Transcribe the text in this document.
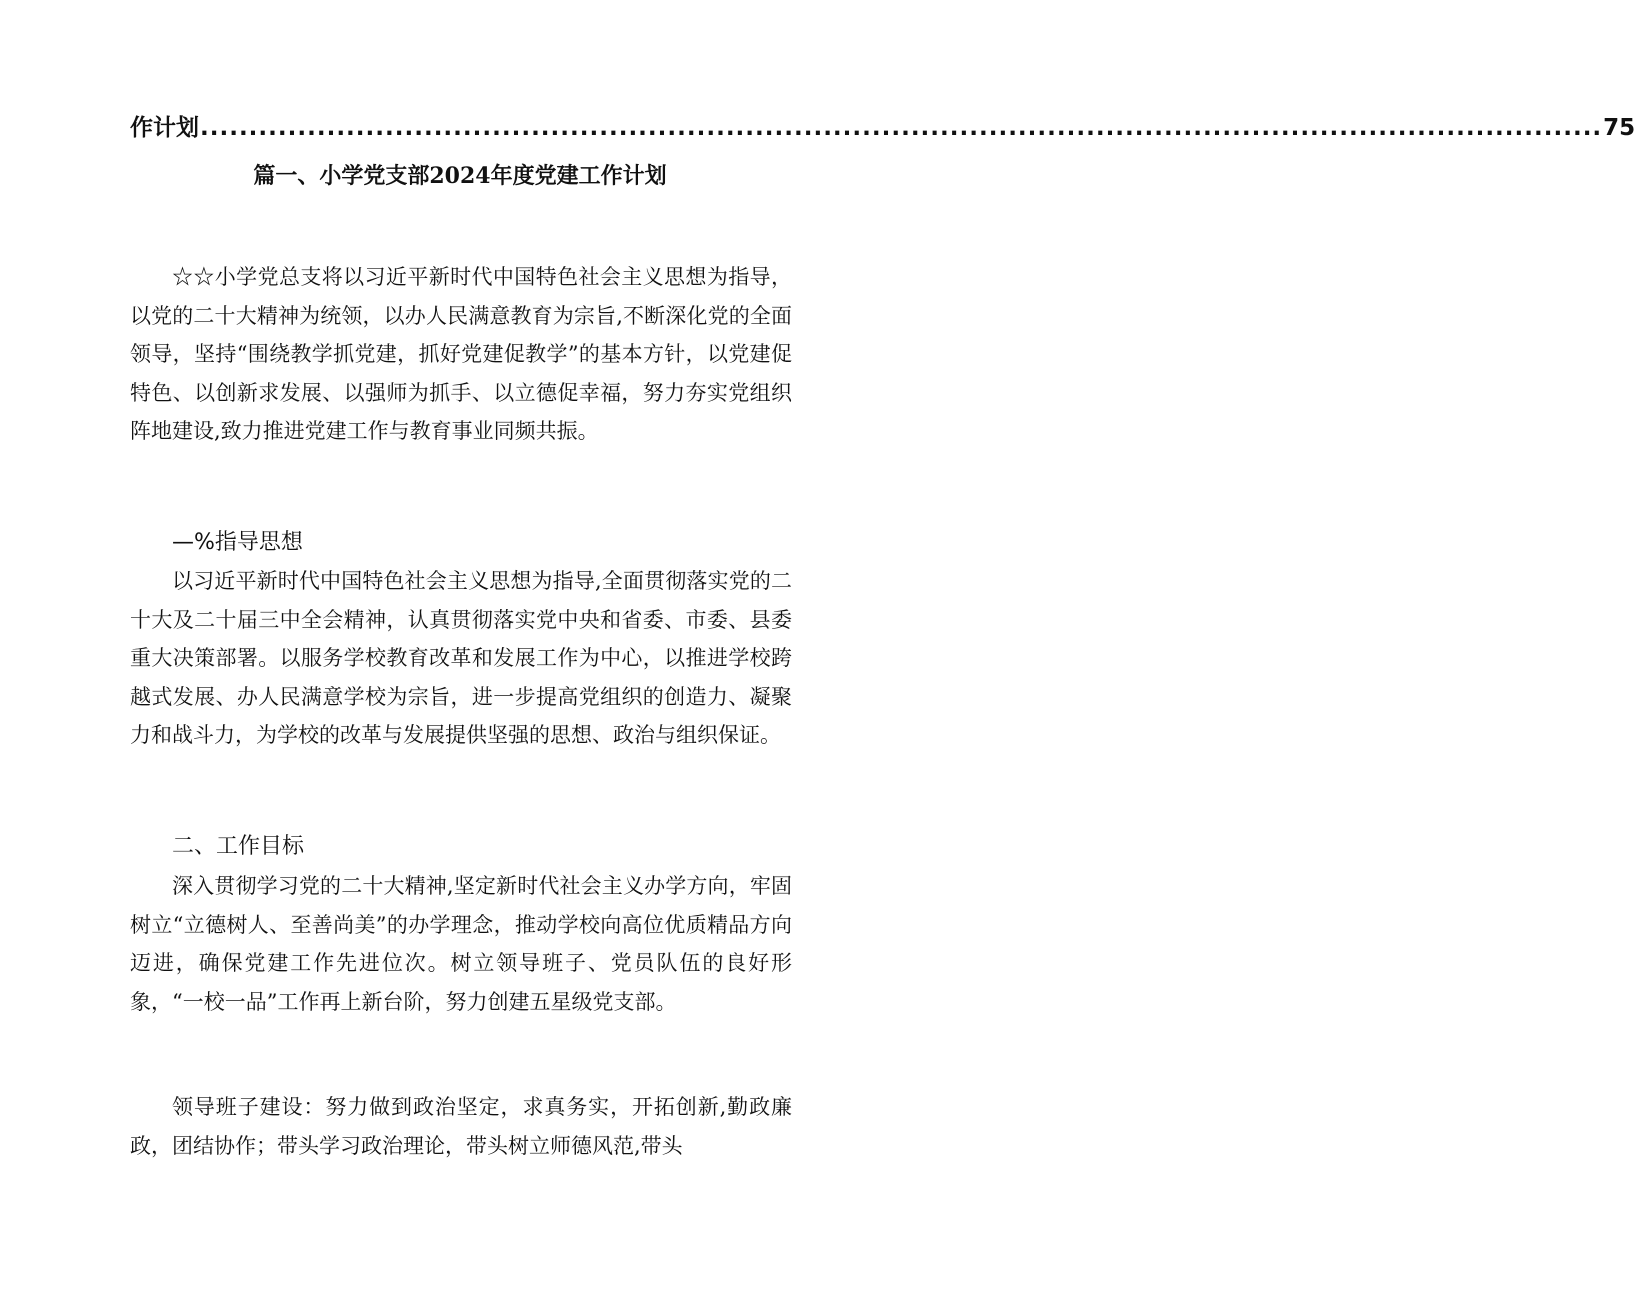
作计划 ................................................................................................................................................ 75
篇一、小学党支部2024年度党建工作计划

☆☆小学党总支将以习近平新时代中国特色社会主义思想为指导，以党的二十大精神为统领，以办人民满意教育为宗旨,不断深化党的全面领导，坚持“围绕教学抓党建，抓好党建促教学”的基本方针，以党建促特色、以创新求发展、以强师为抓手、以立德促幸福，努力夯实党组织阵地建设,致力推进党建工作与教育事业同频共振。

—%指导思想

以习近平新时代中国特色社会主义思想为指导,全面贯彻落实党的二十大及二十届三中全会精神，认真贯彻落实党中央和省委、市委、县委重大决策部署。以服务学校教育改革和发展工作为中心，以推进学校跨越式发展、办人民满意学校为宗旨，进一步提高党组织的创造力、凝聚力和战斗力，为学校的改革与发展提供坚强的思想、政治与组织保证。

二、工作目标

深入贯彻学习党的二十大精神,坚定新时代社会主义办学方向，牢固树立“立德树人、至善尚美”的办学理念，推动学校向高位优质精品方向迈进，确保党建工作先进位次。树立领导班子、党员队伍的良好形象，“一校一品”工作再上新台阶，努力创建五星级党支部。

领导班子建设：努力做到政治坚定，求真务实，开拓创新,勤政廉政，团结协作；带头学习政治理论，带头树立师德风范,带头
